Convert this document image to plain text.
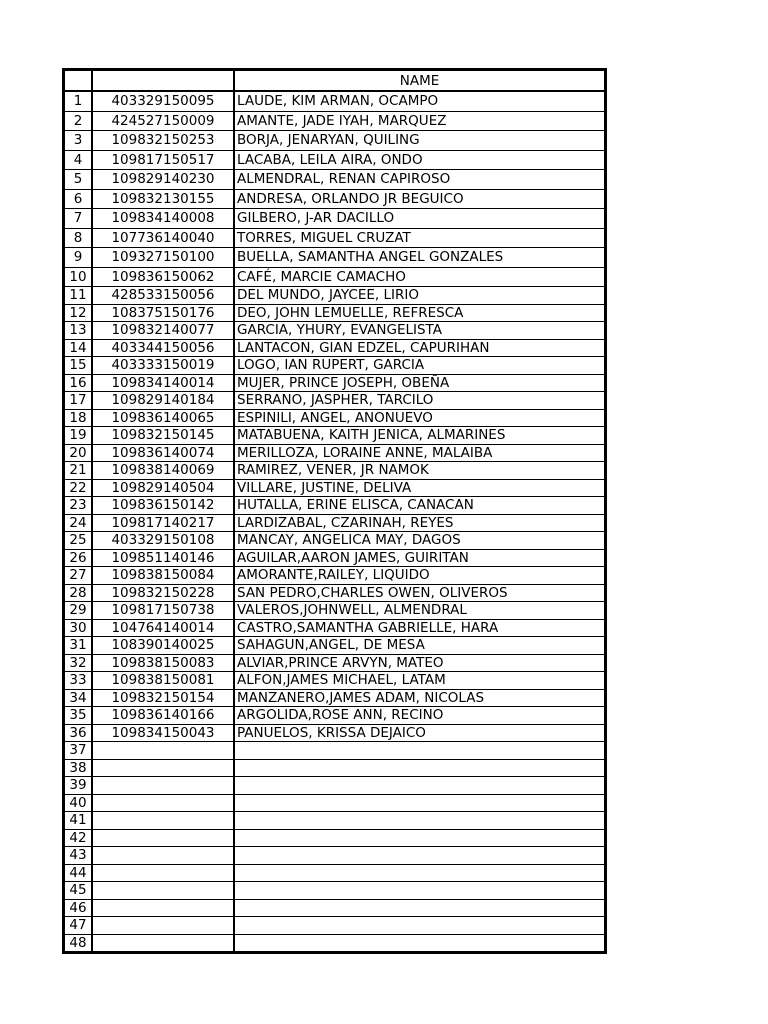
		NAME
1	403329150095	LAUDE, KIM ARMAN, OCAMPO
2	424527150009	AMANTE, JADE IYAH, MARQUEZ
3	109832150253	BORJA, JENARYAN, QUILING
4	109817150517	LACABA, LEILA AIRA, ONDO
5	109829140230	ALMENDRAL, RENAN CAPIROSO
6	109832130155	ANDRESA, ORLANDO JR BEGUICO
7	109834140008	GILBERO, J-AR DACILLO
8	107736140040	TORRES, MIGUEL CRUZAT
9	109327150100	BUELLA, SAMANTHA ANGEL GONZALES
10	109836150062	CAFÉ, MARCIE CAMACHO
11	428533150056	DEL MUNDO, JAYCEE, LIRIO
12	108375150176	DEO, JOHN LEMUELLE, REFRESCA
13	109832140077	GARCIA, YHURY, EVANGELISTA
14	403344150056	LANTACON, GIAN EDZEL, CAPURIHAN
15	403333150019	LOGO, IAN RUPERT, GARCIA
16	109834140014	MUJER, PRINCE JOSEPH, OBEÑA
17	109829140184	SERRANO, JASPHER, TARCILO
18	109836140065	ESPINILI, ANGEL, ANONUEVO
19	109832150145	MATABUENA, KAITH JENICA, ALMARINES
20	109836140074	MERILLOZA, LORAINE ANNE, MALAIBA
21	109838140069	RAMIREZ, VENER, JR NAMOK
22	109829140504	VILLARE, JUSTINE, DELIVA
23	109836150142	HUTALLA, ERINE ELISCA, CANACAN
24	109817140217	LARDIZABAL, CZARINAH, REYES
25	403329150108	MANCAY, ANGELICA MAY, DAGOS
26	109851140146	AGUILAR,AARON JAMES, GUIRITAN
27	109838150084	AMORANTE,RAILEY, LIQUIDO
28	109832150228	SAN PEDRO,CHARLES OWEN, OLIVEROS
29	109817150738	VALEROS,JOHNWELL, ALMENDRAL
30	104764140014	CASTRO,SAMANTHA GABRIELLE, HARA
31	108390140025	SAHAGUN,ANGEL, DE MESA
32	109838150083	ALVIAR,PRINCE ARVYN, MATEO
33	109838150081	ALFON,JAMES MICHAEL, LATAM
34	109832150154	MANZANERO,JAMES ADAM, NICOLAS
35	109836140166	ARGOLIDA,ROSE ANN, RECINO
36	109834150043	PANUELOS, KRISSA DEJAICO
37		
38		
39		
40		
41		
42		
43		
44		
45		
46		
47		
48		
